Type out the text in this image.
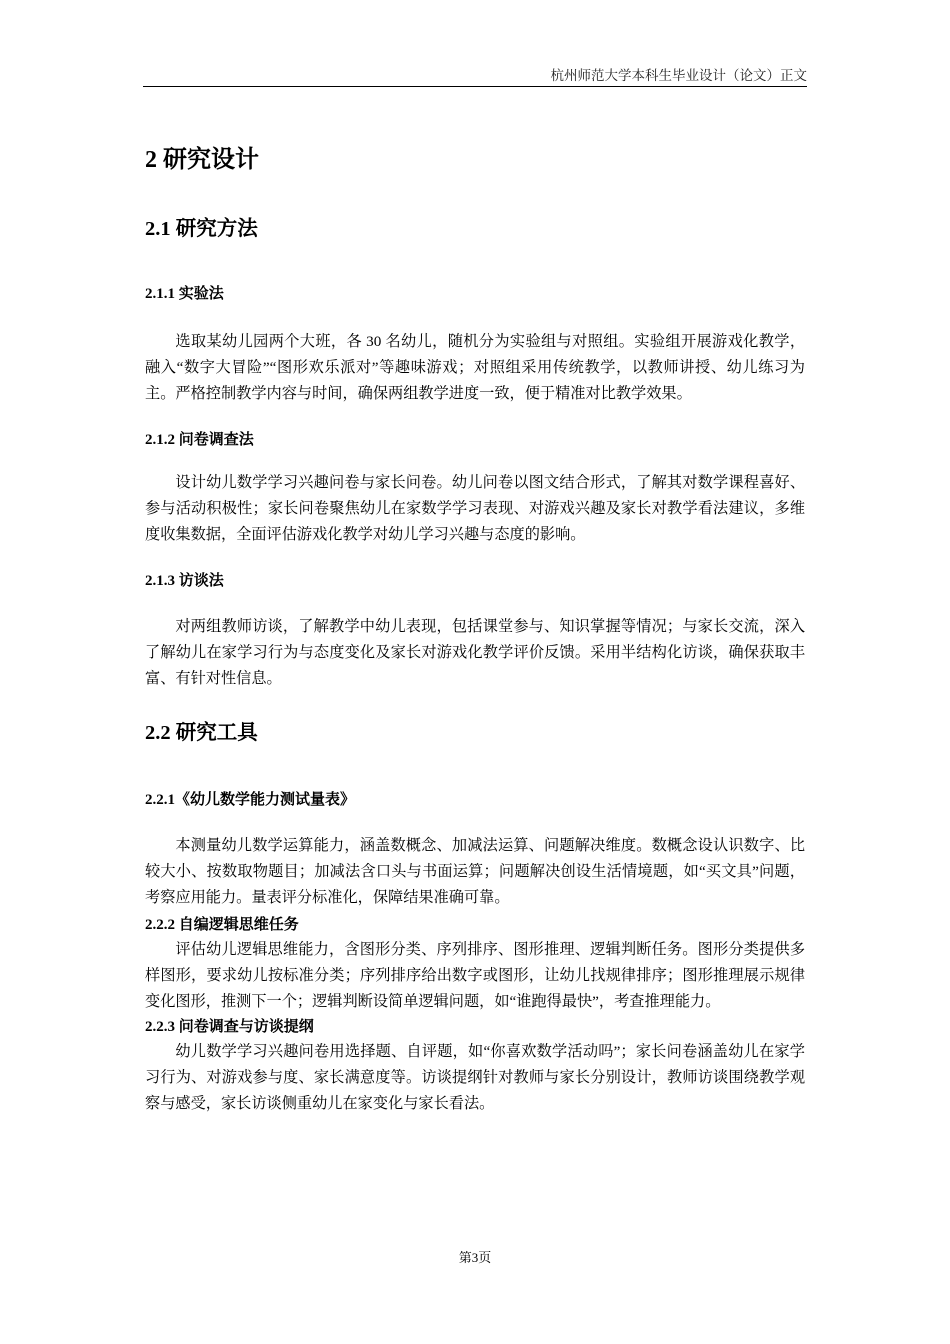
杭州师范大学本科生毕业设计（论文）正文
2 研究设计
2.1 研究方法
2.1.1 实验法

选取某幼儿园两个大班，各 30 名幼儿，随机分为实验组与对照组。实验组开展游戏化教学，融入“数字大冒险”“图形欢乐派对”等趣味游戏；对照组采用传统教学，以教师讲授、幼儿练习为主。严格控制教学内容与时间，确保两组教学进度一致，便于精准对比教学效果。

2.1.2 问卷调查法

设计幼儿数学学习兴趣问卷与家长问卷。幼儿问卷以图文结合形式，了解其对数学课程喜好、参与活动积极性；家长问卷聚焦幼儿在家数学学习表现、对游戏兴趣及家长对教学看法建议，多维度收集数据，全面评估游戏化教学对幼儿学习兴趣与态度的影响。

2.1.3 访谈法

对两组教师访谈，了解教学中幼儿表现，包括课堂参与、知识掌握等情况；与家长交流，深入了解幼儿在家学习行为与态度变化及家长对游戏化教学评价反馈。采用半结构化访谈，确保获取丰富、有针对性信息。

2.2 研究工具
2.2.1《幼儿数学能力测试量表》

本测量幼儿数学运算能力，涵盖数概念、加减法运算、问题解决维度。数概念设认识数字、比较大小、按数取物题目；加减法含口头与书面运算；问题解决创设生活情境题，如“买文具”问题，考察应用能力。量表评分标准化，保障结果准确可靠。

2.2.2 自编逻辑思维任务

评估幼儿逻辑思维能力，含图形分类、序列排序、图形推理、逻辑判断任务。图形分类提供多样图形，要求幼儿按标准分类；序列排序给出数字或图形，让幼儿找规律排序；图形推理展示规律变化图形，推测下一个；逻辑判断设简单逻辑问题，如“谁跑得最快”，考查推理能力。

2.2.3 问卷调查与访谈提纲

幼儿数学学习兴趣问卷用选择题、自评题，如“你喜欢数学活动吗”；家长问卷涵盖幼儿在家学习行为、对游戏参与度、家长满意度等。访谈提纲针对教师与家长分别设计，教师访谈围绕教学观察与感受，家长访谈侧重幼儿在家变化与家长看法。

第3页
